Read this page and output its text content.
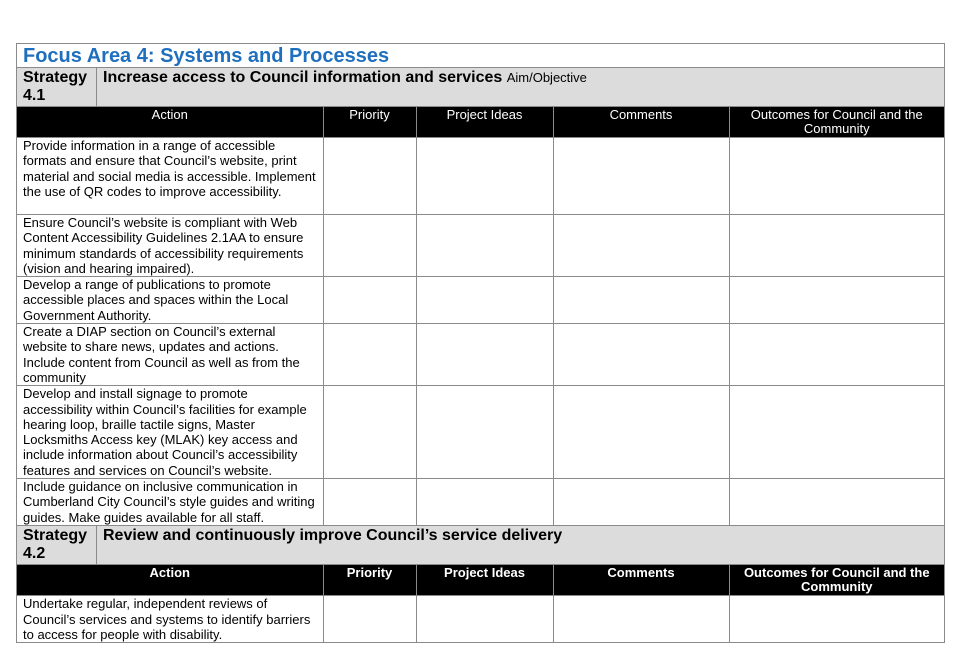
Focus Area 4: Systems and Processes
Strategy 4.1
Increase access to Council information and services Aim/Objective
Action	Priority	Project Ideas	Comments	Outcomes for Council and the Community
Provide information in a range of accessible formats and ensure that Council’s website, print material and social media is accessible. Implement the use of QR codes to improve accessibility.				
Ensure Council’s website is compliant with Web Content Accessibility Guidelines 2.1AA to ensure minimum standards of accessibility requirements (vision and hearing impaired).				
Develop a range of publications to promote accessible places and spaces within the Local Government Authority.				
Create a DIAP section on Council’s external website to share news, updates and actions. Include content from Council as well as from the community				
Develop and install signage to promote accessibility within Council’s facilities for example hearing loop, braille tactile signs, Master Locksmiths Access key (MLAK) key access and include information about Council’s accessibility features and services on Council’s website.				
Include guidance on inclusive communication in Cumberland City Council’s style guides and writing guides. Make guides available for all staff.				
Strategy 4.2
Review and continuously improve Council’s service delivery
Action	Priority	Project Ideas	Comments	Outcomes for Council and the Community
Undertake regular, independent reviews of Council’s services and systems to identify barriers to access for people with disability.				
